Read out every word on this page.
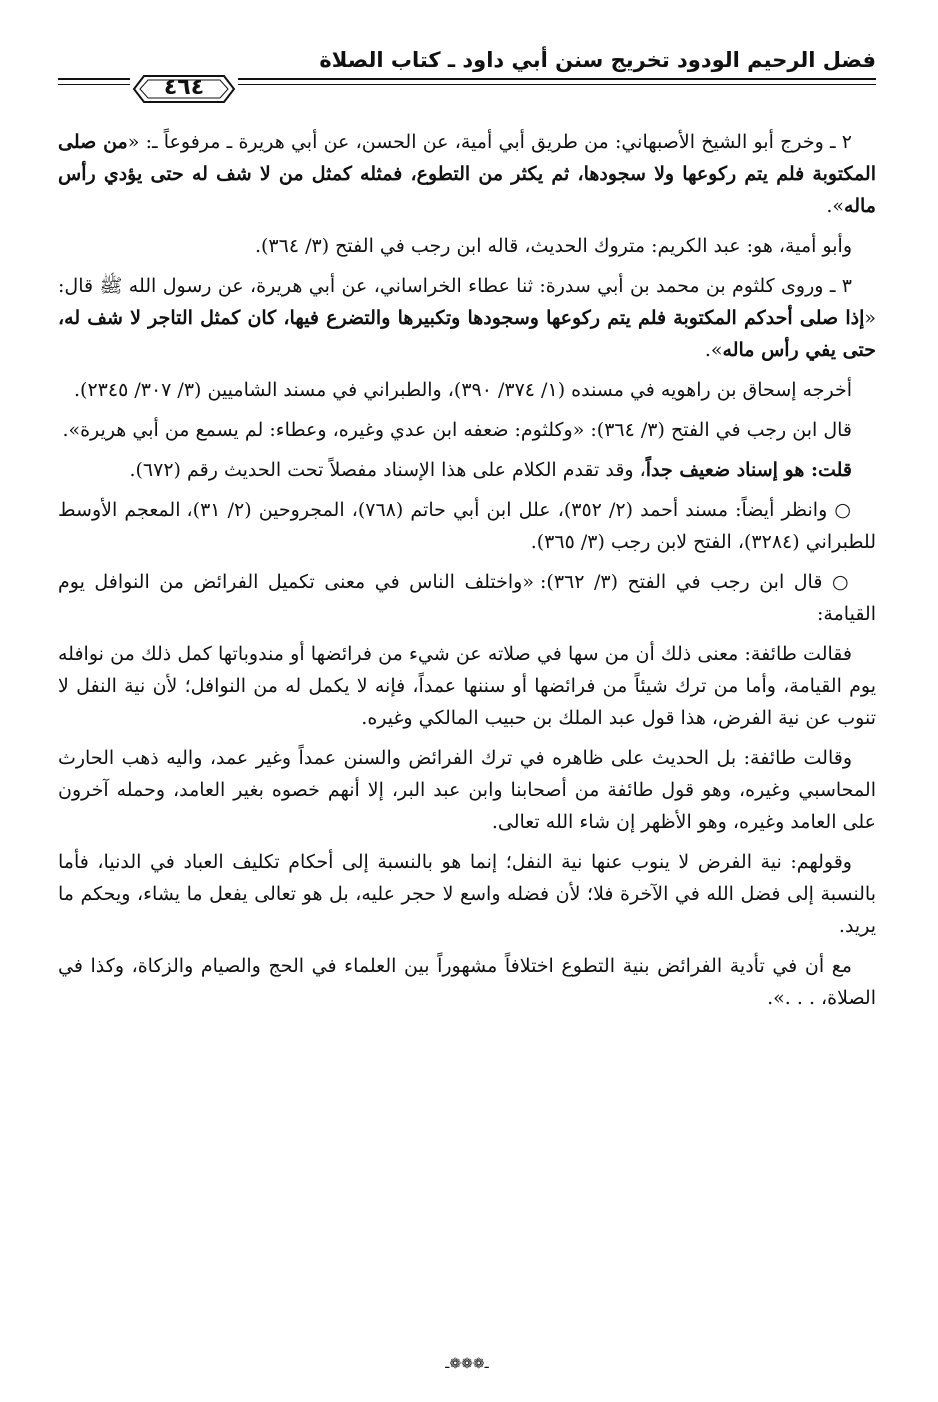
فضل الرحيم الودود تخريج سنن أبي داود ـ كتاب الصلاة
٤٦٤

٢ ـ وخرج أبو الشيخ الأصبهاني: من طريق أبي أمية، عن الحسن، عن أبي هريرة ـ مرفوعاً ـ: «من صلى المكتوبة فلم يتم ركوعها ولا سجودها، ثم يكثر من التطوع، فمثله كمثل من لا شف له حتى يؤدي رأس ماله».

وأبو أمية، هو: عبد الكريم: متروك الحديث، قاله ابن رجب في الفتح (٣/ ٣٦٤).

٣ ـ وروى كلثوم بن محمد بن أبي سدرة: ثنا عطاء الخراساني، عن أبي هريرة، عن رسول الله ﷺ قال: «إذا صلى أحدكم المكتوبة فلم يتم ركوعها وسجودها وتكبيرها والتضرع فيها، كان كمثل التاجر لا شف له، حتى يفي رأس ماله».

أخرجه إسحاق بن راهويه في مسنده (١/ ٣٧٤/ ٣٩٠)، والطبراني في مسند الشاميين (٣/ ٣٠٧/ ٢٣٤٥).

قال ابن رجب في الفتح (٣/ ٣٦٤): «وكلثوم: ضعفه ابن عدي وغيره، وعطاء: لم يسمع من أبي هريرة».

قلت: هو إسناد ضعيف جداً، وقد تقدم الكلام على هذا الإسناد مفصلاً تحت الحديث رقم (٦٧٢).

○ وانظر أيضاً: مسند أحمد (٢/ ٣٥٢)، علل ابن أبي حاتم (٧٦٨)، المجروحين (٢/ ٣١)، المعجم الأوسط للطبراني (٣٢٨٤)، الفتح لابن رجب (٣/ ٣٦٥).

○ قال ابن رجب في الفتح (٣/ ٣٦٢): «واختلف الناس في معنى تكميل الفرائض من النوافل يوم القيامة:

فقالت طائفة: معنى ذلك أن من سها في صلاته عن شيء من فرائضها أو مندوباتها كمل ذلك من نوافله يوم القيامة، وأما من ترك شيئاً من فرائضها أو سننها عمداً، فإنه لا يكمل له من النوافل؛ لأن نية النفل لا تنوب عن نية الفرض، هذا قول عبد الملك بن حبيب المالكي وغيره.

وقالت طائفة: بل الحديث على ظاهره في ترك الفرائض والسنن عمداً وغير عمد، واليه ذهب الحارث المحاسبي وغيره، وهو قول طائفة من أصحابنا وابن عبد البر، إلا أنهم خصوه بغير العامد، وحمله آخرون على العامد وغيره، وهو الأظهر إن شاء الله تعالى.

وقولهم: نية الفرض لا ينوب عنها نية النفل؛ إنما هو بالنسبة إلى أحكام تكليف العباد في الدنيا، فأما بالنسبة إلى فضل الله في الآخرة فلا؛ لأن فضله واسع لا حجر عليه، بل هو تعالى يفعل ما يشاء، ويحكم ما يريد.

مع أن في تأدية الفرائض بنية التطوع اختلافاً مشهوراً بين العلماء في الحج والصيام والزكاة، وكذا في الصلاة، . . .».

ـ❁❁❁ـ
